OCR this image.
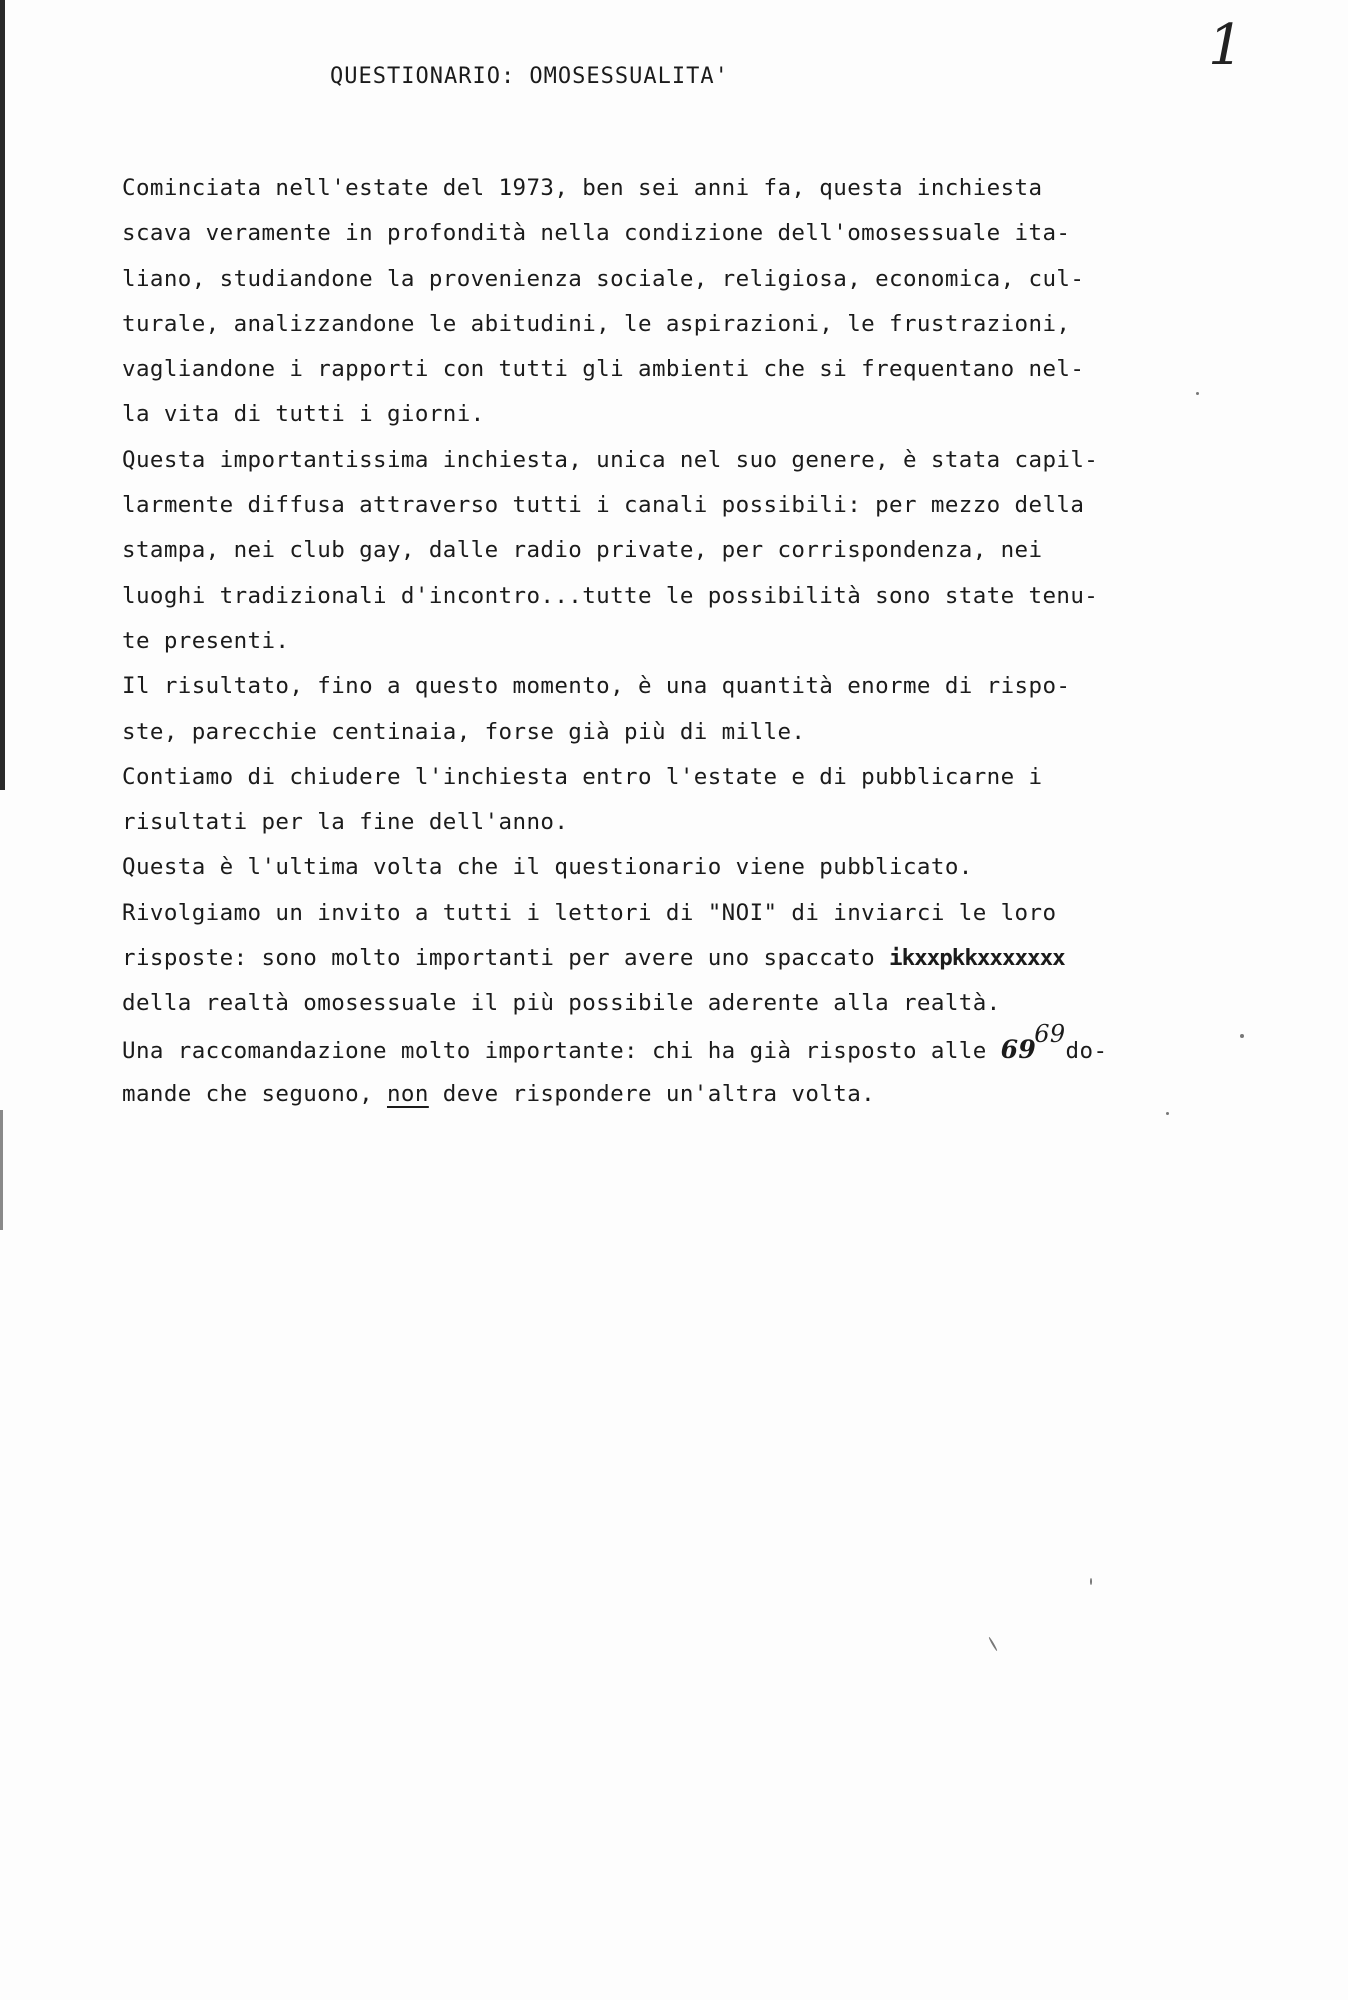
1
QUESTIONARIO: OMOSESSUALITA'
Cominciata nell'estate del 1973, ben sei anni fa, questa inchiesta
scava veramente in profondità nella condizione dell'omosessuale ita-
liano, studiandone la provenienza sociale, religiosa, economica, cul-
turale, analizzandone le abitudini, le aspirazioni, le frustrazioni,
vagliandone i rapporti con tutti gli ambienti che si frequentano nel-
la vita di tutti i giorni.
Questa importantissima inchiesta, unica nel suo genere, è stata capil-
larmente diffusa attraverso tutti i canali possibili: per mezzo della
stampa, nei club gay, dalle radio private, per corrispondenza, nei
luoghi tradizionali d'incontro...tutte le possibilità sono state tenu-
te presenti.
Il risultato, fino a questo momento, è una quantità enorme di rispo-
ste, parecchie centinaia, forse già più di mille.
Contiamo di chiudere l'inchiesta entro l'estate e di pubblicarne i
risultati per la fine dell'anno.
Questa è l'ultima volta che il questionario viene pubblicato.
Rivolgiamo un invito a tutti i lettori di "NOI" di inviarci le loro
risposte: sono molto importanti per avere uno spaccato ikxxpkkxxxxxxx
della realtà omosessuale il più possibile aderente alla realtà.
Una raccomandazione molto importante: chi ha già risposto alle 6969do-
mande che seguono, non deve rispondere un'altra volta.
